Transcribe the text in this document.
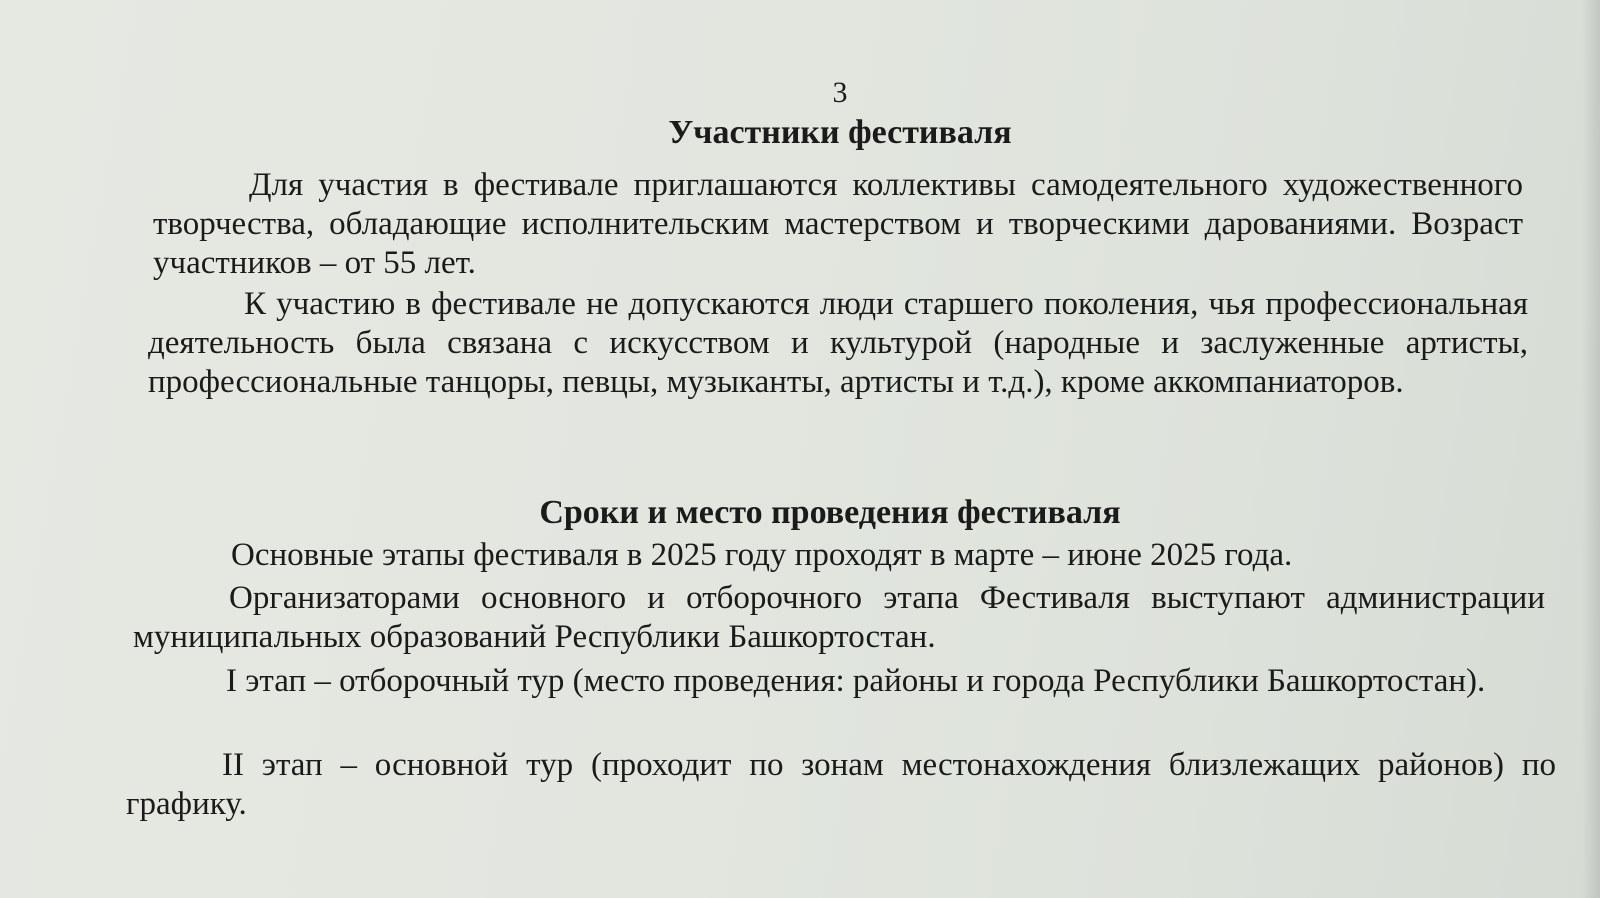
3
Участники фестиваля
Для участия в фестивале приглашаются коллективы самодеятельного художественного творчества, обладающие исполнительским мастерством и творческими дарованиями. Возраст участников – от 55 лет.
К участию в фестивале не допускаются люди старшего поколения, чья профессиональная деятельность была связана с искусством и культурой (народные и заслуженные артисты, профессиональные танцоры, певцы, музыканты, артисты и т.д.), кроме аккомпаниаторов.
Сроки и место проведения фестиваля
Основные этапы фестиваля в 2025 году проходят в марте – июне 2025 года.
Организаторами основного и отборочного этапа Фестиваля выступают администрации муниципальных образований Республики Башкортостан.
I этап – отборочный тур (место проведения: районы и города Республики Башкортостан).
II этап – основной тур (проходит по зонам местонахождения близлежащих районов) по графику.
